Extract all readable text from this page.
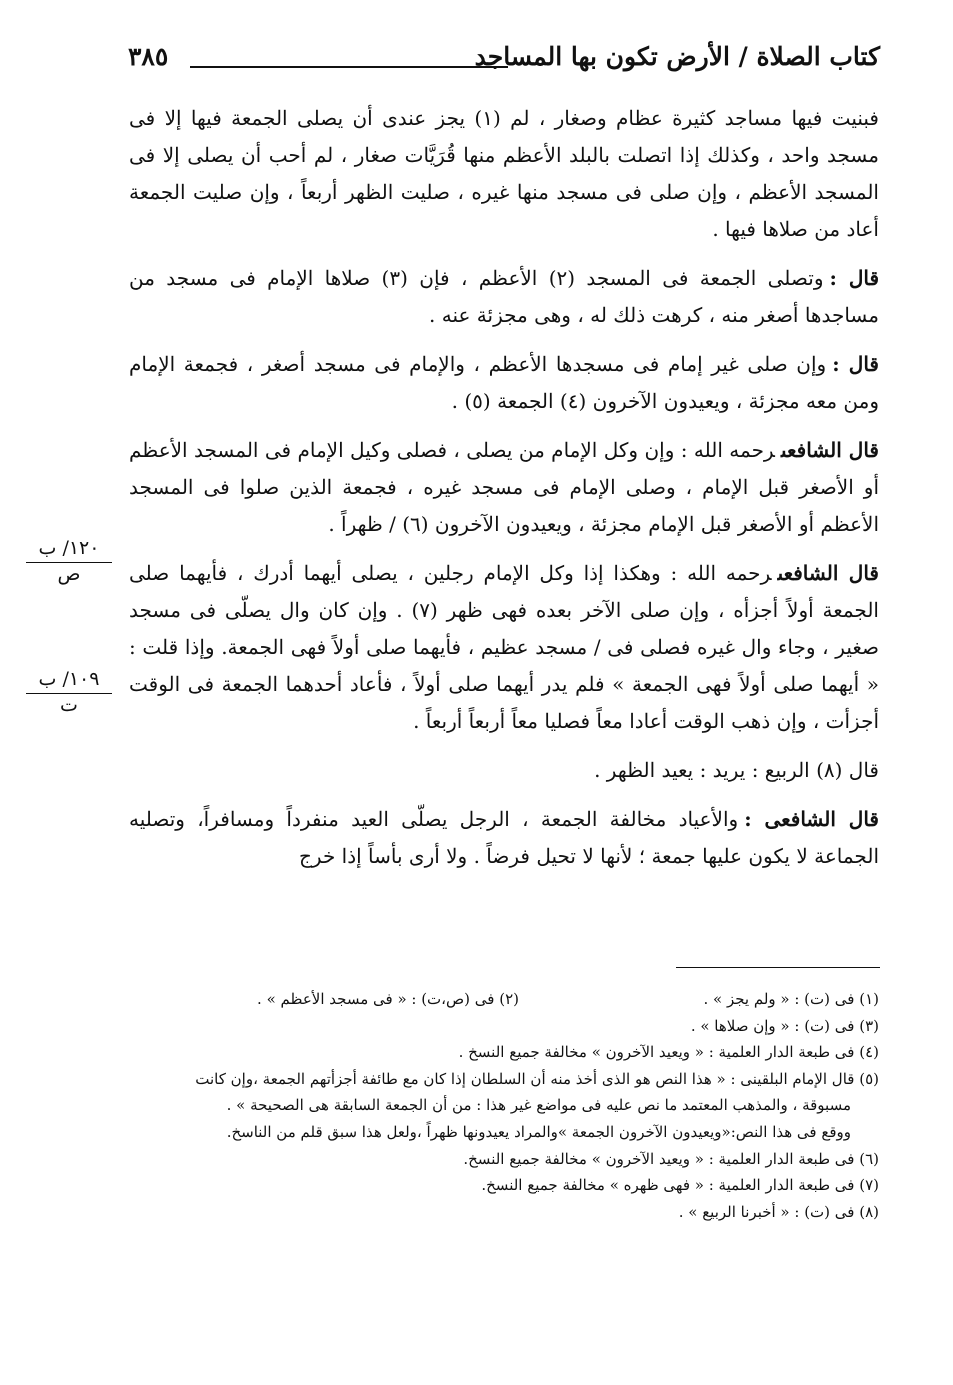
كتاب الصلاة / الأرض تكون بها المساجد
٣٨٥

فبنيت فيها مساجد كثيرة عظام وصغار ، لم (١) يجز عندى أن يصلى الجمعة فيها إلا فى مسجد واحد ، وكذلك إذا اتصلت بالبلد الأعظم منها قُرَيَّات صغار ، لم أحب أن يصلى إلا فى المسجد الأعظم ، وإن صلى فى مسجد منها غيره ، صليت الظهر أربعاً ، وإن صليت الجمعة أعاد من صلاها فيها .

قال :وتصلى الجمعة فى المسجد (٢) الأعظم ، فإن (٣) صلاها الإمام فى مسجد من مساجدها أصغر منه ، كرهت ذلك له ، وهى مجزئة عنه .

قال :وإن صلى غير إمام فى مسجدها الأعظم ، والإمام فى مسجد أصغر ، فجمعة الإمام ومن معه مجزئة ، ويعيدون الآخرون (٤) الجمعة (٥) .

قال الشافعىرحمه الله : وإن وكل الإمام من يصلى ، فصلى وكيل الإمام فى المسجد الأعظم أو الأصغر قبل الإمام ، وصلى الإمام فى مسجد غيره ، فجمعة الذين صلوا فى المسجد الأعظم أو الأصغر قبل الإمام مجزئة ، ويعيدون الآخرون (٦) / ظهراً .

قال الشافعىرحمه الله : وهكذا إذا وكل الإمام رجلين ، يصلى أيهما أدرك ، فأيهما صلى الجمعة أولاً أجزأه ، وإن صلى الآخر بعده فهى ظهر (٧) . وإن كان وال يصلّى فى مسجد صغير ، وجاء وال غيره فصلى فى / مسجد عظيم ، فأيهما صلى أولاً فهى الجمعة. وإذا قلت : « أيهما صلى أولاً فهى الجمعة » فلم يدر أيهما صلى أولاً ، فأعاد أحدهما الجمعة فى الوقت أجزأت ، وإن ذهب الوقت أعادا معاً فصليا معاً أربعاً أربعاً .

قال (٨) الربيع : يريد : يعيد الظهر .

قال الشافعى :والأعياد مخالفة الجمعة ، الرجل يصلّى العيد منفرداً ومسافراً، وتصليه الجماعة لا يكون عليها جمعة ؛ لأنها لا تحيل فرضاً . ولا أرى بأساً إذا خرج

١٢٠/ ب
ص
١٠٩/ ب
ت

(١) فى (ت) : « ولم يجز » .

(٢) فى (ص،ت) : « فى مسجد الأعظم » .

(٣) فى (ت) : « وإن صلاها » .

(٤) فى طبعة الدار العلمية : « ويعيد الآخرون » مخالفة جميع النسخ .

(٥) قال الإمام البلقينى : « هذا النص هو الذى أخذ منه أن السلطان إذا كان مع طائفة أجزأتهم الجمعة ،وإن كانت

مسبوقة ، والمذهب المعتمد ما نص عليه فى مواضع غير هذا : من أن الجمعة السابقة هى الصحيحة » .

ووقع فى هذا النص:«ويعيدون الآخرون الجمعة »والمراد يعيدونها ظهراً ،ولعل هذا سبق قلم من الناسخ.

(٦) فى طبعة الدار العلمية : « ويعيد الآخرون » مخالفة جميع النسخ.

(٧) فى طبعة الدار العلمية : « فهى ظهره » مخالفة جميع النسخ.

(٨) فى (ت) : « أخبرنا الربيع » .
